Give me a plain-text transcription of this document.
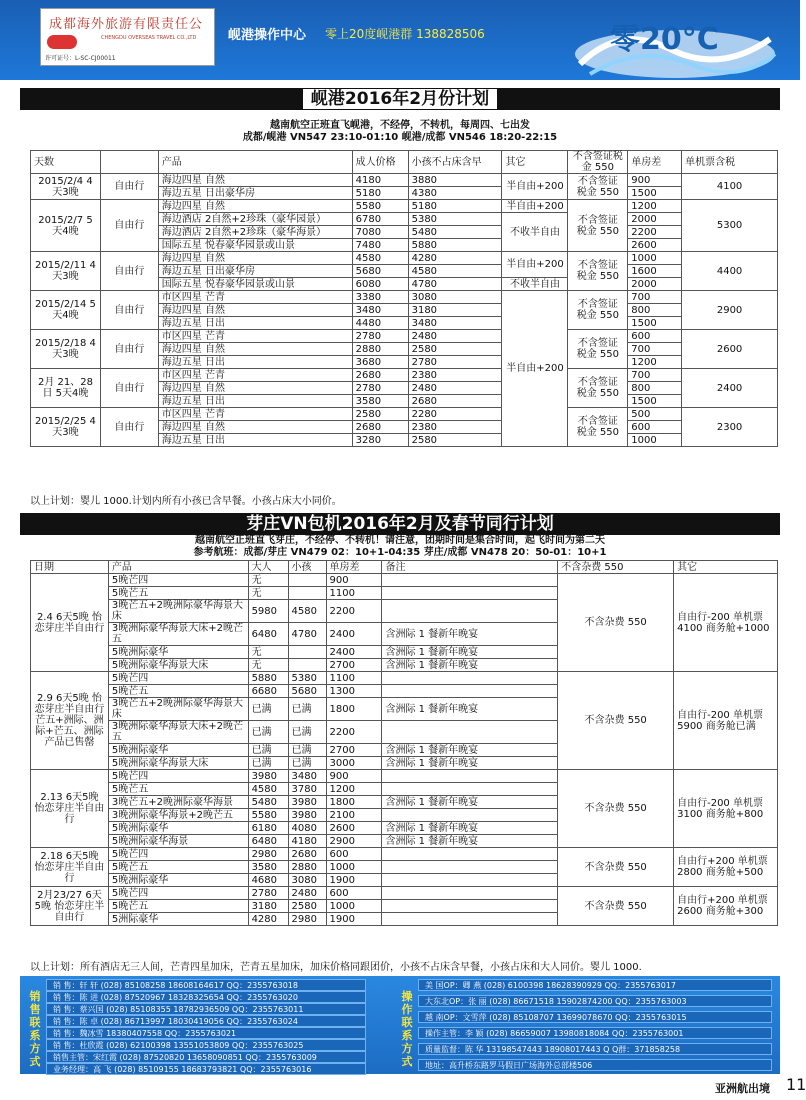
成都海外旅游有限责任公
CHENGDU OVERSEAS TRAVEL CO.,LTD
许可证号：L-SC-CJ00011
岘港操作中心 零上20度岘港群 13882850​6	零20°C
岘港2016年2月份计划
越南航空正班直飞岘港，不经停，不转机，每周四、七出发
成都/岘港 VN547 23:10-01:10 岘港/成都 VN546 18:20-22:15
天数		产品	成人价格	小孩不占床含早	其它	不含签证税金 550	单房差	单机票含税
2015/2/4 4天3晚	自由行	海边四星 自然	4180	3880	半自由+200	不含签证 税金 550	900	4100
		海边五星 日出豪华房	5180	4380			1500	
2015/2/7 5天4晚	自由行	海边四星 自然	5580	5180	半自由+200	不含签证 税金 550	1200	5300
		海边酒店 2自然+2珍珠（豪华园景）	6780	5380	不收半自由		2000	
		海边酒店 2自然+2珍珠（豪华海景）	7080	5480			2200	
		国际五星 悦春豪华园景或山景	7480	5880			2600	
2015/2/11 4天3晚	自由行	海边四星 自然	4580	4280	半自由+200	不含签证 税金 550	1000	4400
		海边五星 日出豪华房	5680	4580			1600	
		国际五星 悦春豪华园景或山景	6080	4780	不收半自由		2000	
2015/2/14 5天4晚	自由行	市区四星 芒青	3380	3080	半自由+200	不含签证 税金 550	700	2900
		海边四星 自然	3480	3180			800	
		海边五星 日出	4480	3480			1500	
2015/2/18 4天3晚	自由行	市区四星 芒青	2780	2480		不含签证 税金 550	600	2600
		海边四星 自然	2880	2580			700	
		海边五星 日出	3680	2780			1200	
2月 21、28日 5天4晚	自由行	市区四星 芒青	2680	2380		不含签证 税金 550	700	2400
		海边四星 自然	2780	2480			800	
		海边五星 日出	3580	2680			1500	
2015/2/25 4天3晚	自由行	市区四星 芒青	2580	2280		不含签证 税金 550	500	2300
		海边四星 自然	2680	2380			600	
		海边五星 日出	3280	2580			1000	
以上计划：婴儿 1000.计划内所有小孩已含早餐。小孩占床大小同价。
芽庄VN包机2016年2月及春节同行计划
越南航空正班直飞芽庄，不经停、不转机！请注意，团期时间是集合时间，起飞时间为第二天
参考航班：成都/芽庄 VN479 02：10+1-04:35 芽庄/成都 VN478 20：50-01：10+1
日期	产品	大人	小孩	单房差	备注	不含杂费 550	其它
2.4 6天5晚 怡恋芽庄半自由行	5晚芒四	无		900		不含杂费 550	自由行-200 单机票 4100 商务舱+1000
	5晚芒五	无		1100			
	3晚芒五+2晚洲际豪华海景大床	5980	4580	2200			
	3晚洲际豪华海景大床+2晚芒五	6480	4780	2400	含洲际 1 餐新年晚宴		
	5晚洲际豪华	无		2400	含洲际 1 餐新年晚宴		
	5晚洲际豪华海景大床	无		2700	含洲际 1 餐新年晚宴		
2.9 6天5晚 怡恋芽庄半自由行 芒五+洲际、洲际+芒五、洲际产品已售罄	5晚芒四	5880	5380	1100		不含杂费 550	自由行-200 单机票 5900 商务舱已满
	5晚芒五	6680	5680	1300			
	3晚芒五+2晚洲际豪华海景大床	已满	已满	1800	含洲际 1 餐新年晚宴		
	3晚洲际豪华海景大床+2晚芒五	已满	已满	2200			
	5晚洲际豪华	已满	已满	2700	含洲际 1 餐新年晚宴		
	5晚洲际豪华海景大床	已满	已满	3000	含洲际 1 餐新年晚宴		
2.13 6天5晚 怡恋芽庄半自由行	5晚芒四	3980	3480	900		不含杂费 550	自由行-200 单机票 3100 商务舱+800
	5晚芒五	4580	3780	1200			
	3晚芒五+2晚洲际豪华海景	5480	3980	1800	含洲际 1 餐新年晚宴		
	3晚洲际豪华海景+2晚芒五	5580	3980	2100			
	5晚洲际豪华	6180	4080	2600	含洲际 1 餐新年晚宴		
	5晚洲际豪华海景	6480	4180	2900	含洲际 1 餐新年晚宴		
2.18 6天5晚 怡恋芽庄半自由行	5晚芒四	2980	2680	600		不含杂费 550	自由行+200 单机票 2800 商务舱+500
	5晚芒五	3580	2880	1000			
	5晚洲际豪华	4680	3080	1900			
2月23/27 6天5晚 怡恋芽庄半自由行	5晚芒四	2780	2480	600		不含杂费 550	自由行+200 单机票 2600 商务舱+300
	5晚芒五	3180	2580	1000			
	5洲际豪华	4280	2980	1900			
以上计划：所有酒店无三人间，芒青四星加床，芒青五星加床，加床价格同跟团价，小孩不占床含早餐，小孩占床和大人同价。婴儿 1000.
销售联系方式
操作联系方式
销 售：轩 轩 (028) 85108258 18608164617 QQ：2355763018
销 售：陈 进 (028) 87520967 18328325654 QQ：2355763020
销 售：蔡兴国 (028) 85108355 18782936509 QQ：2355763011
销 售：陈 卓 (028) 86713997 18030419056 QQ：2355763024
销 售：魏冰雪 18380407558 QQ：2355763021
销 售：杜欣霞 (028) 62100398 13551053809 QQ：2355763025
销售主管：宋红霞 (028) 87520820 13658090851 QQ：2355763009
业务经理：高 飞 (028) 85109155 18683793821 QQ：2355763016
美 国OP：卿 燕 (028) 6100398 18628390929 QQ：2355763017
大东北OP：张 丽 (028) 86671518 15902874200 QQ：2355763003
越 南OP：文雪萍 (028) 85108707 13699078670 QQ：2355763015
操作主管：李 颖 (028) 86659007 13980818084 QQ：2355763001
质量监督：陈 华 13198547443 18908017443 Q Q群：371858258
地址：高升桥东路罗马假日广场海外总部楼506
亚洲航出境 11
